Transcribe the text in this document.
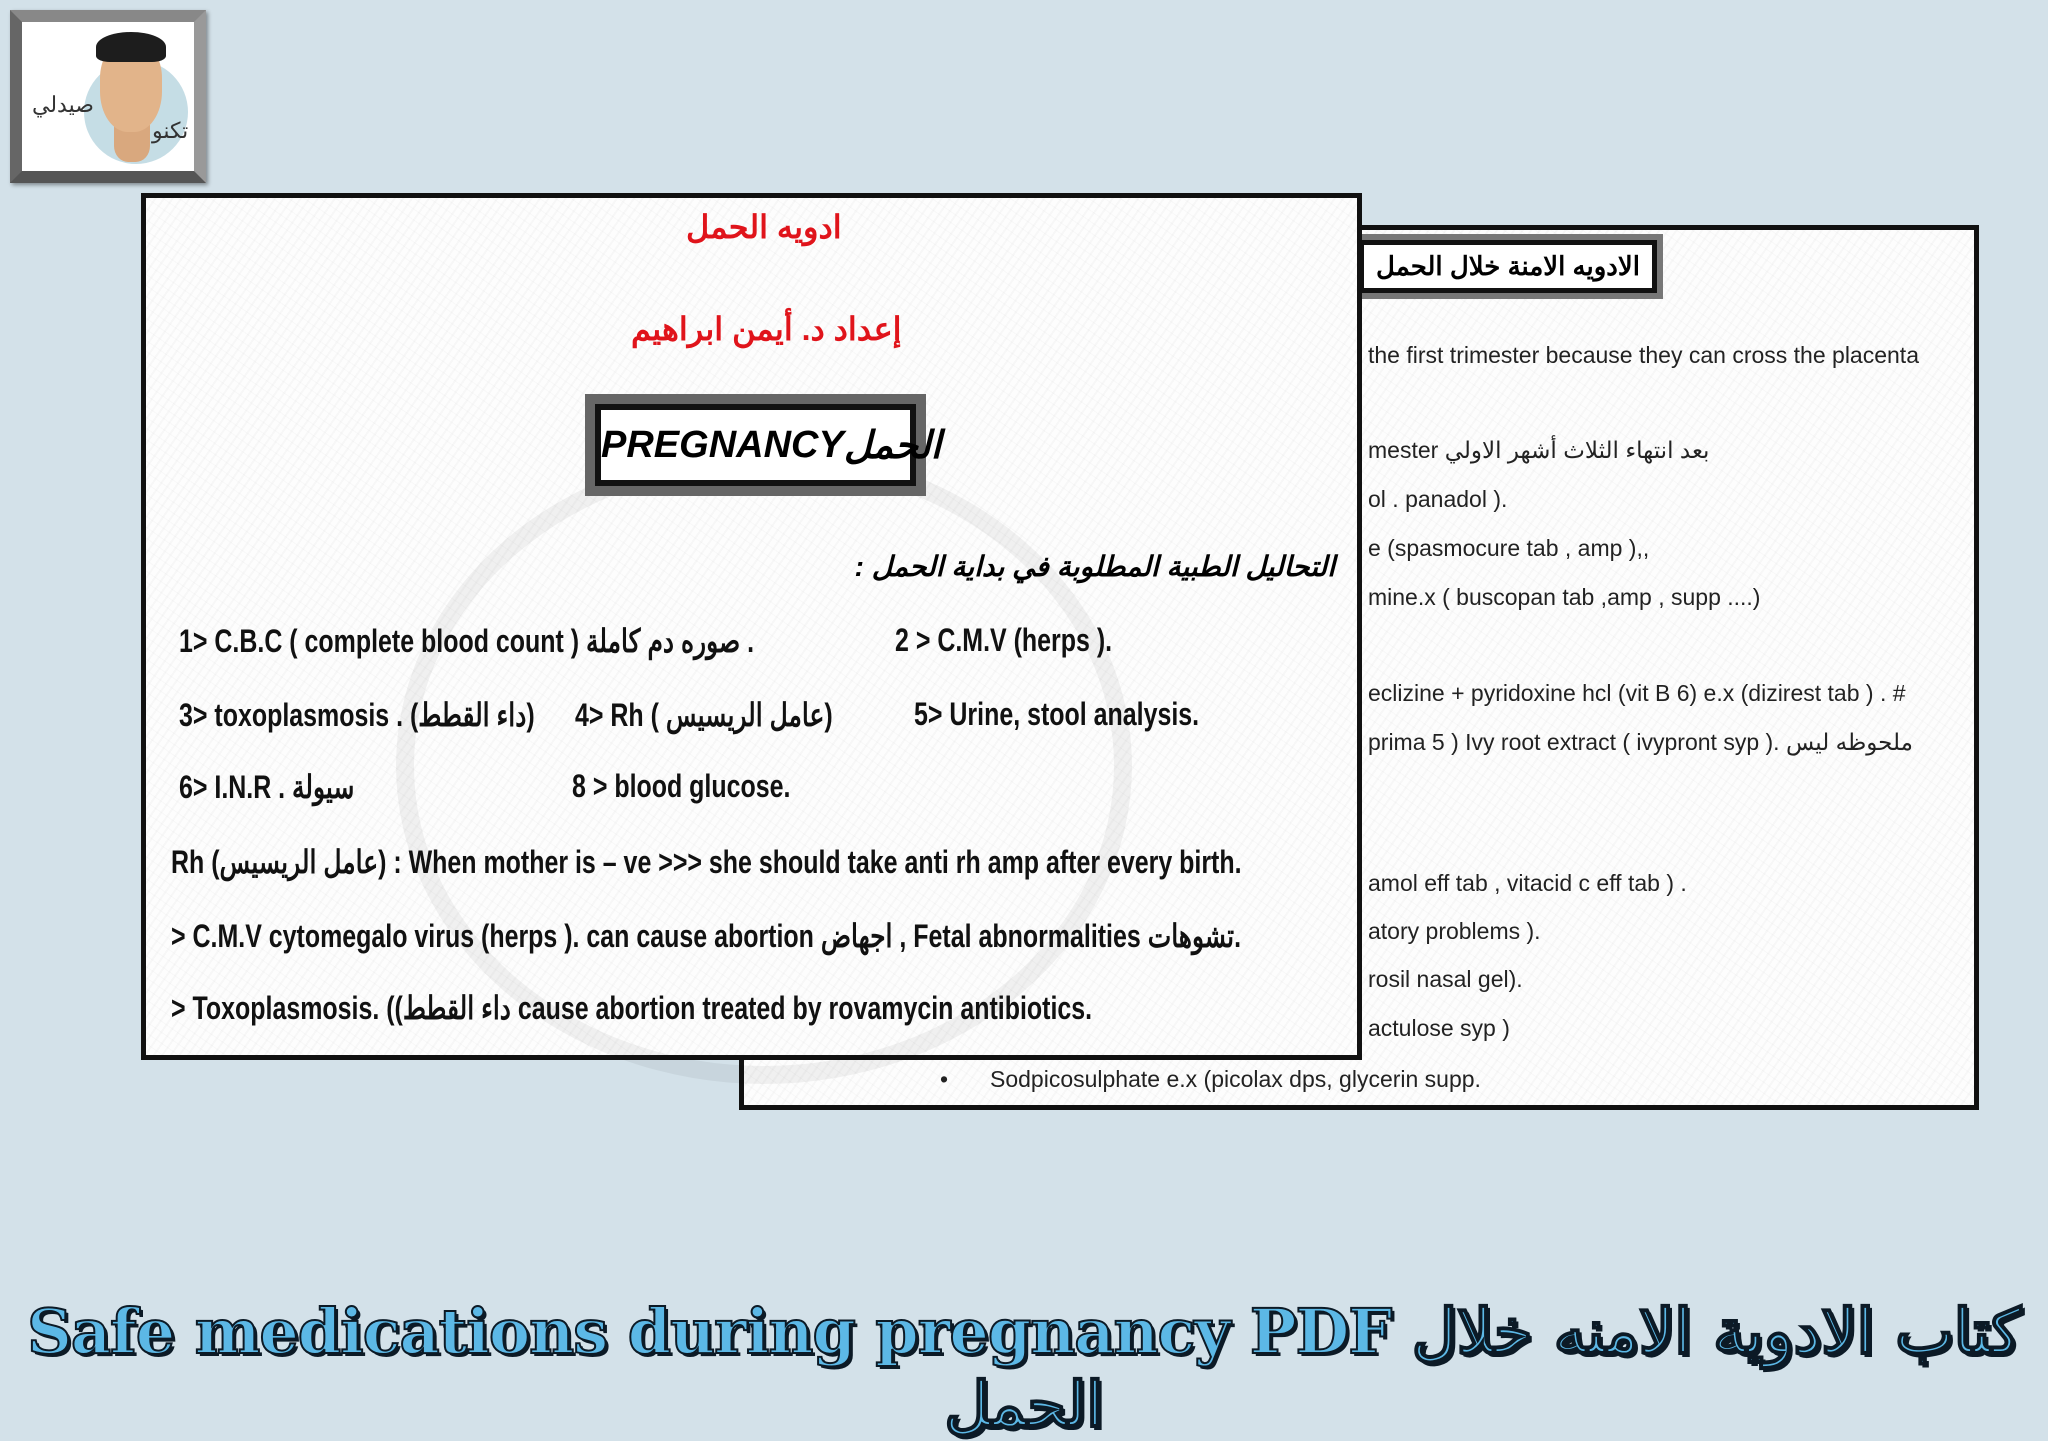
صيدلي
تكنو
الادويه الامنة خلال الحمل
the first trimester because they can cross the placenta
mester بعد انتهاء الثلاث أشهر الاولي
ol . panadol ).
e (spasmocure tab , amp ),,
mine.x ( buscopan tab ,amp , supp ....)
eclizine + pyridoxine hcl (vit B 6) e.x (dizirest tab ) . #
prima 5 ) Ivy root extract ( ivypront syp ). ملحوظه ليس
amol eff tab , vitacid c eff tab ) .
atory problems ).
rosil nasal gel).
actulose syp )
• Sodpicosulphate e.x (picolax dps, glycerin supp.
ادويه الحمل
إعداد د. أيمن ابراهيم
PREGNANCY الحمل
التحاليل الطبية المطلوبة في بداية الحمل :
1> C.B.C ( complete blood count ) صوره دم كاملة .	2 > C.M.V (herps ).
3> toxoplasmosis . (داء القطط)	4> Rh ( عامل الريسيس)	5> Urine, stool analysis.
6> I.N.R . سيولة	8 > blood glucose.
Rh (عامل الريسيس) : When mother is – ve >>> she should take anti rh amp after every birth.
> C.M.V cytomegalo virus (herps ). can cause abortion اجهاض , Fetal abnormalities تشوهات.
> Toxoplasmosis. ((داء القطط cause abortion treated by rovamycin antibiotics.
Safe medications during pregnancy PDF كتاب الادوية الامنه خلال الحمل
